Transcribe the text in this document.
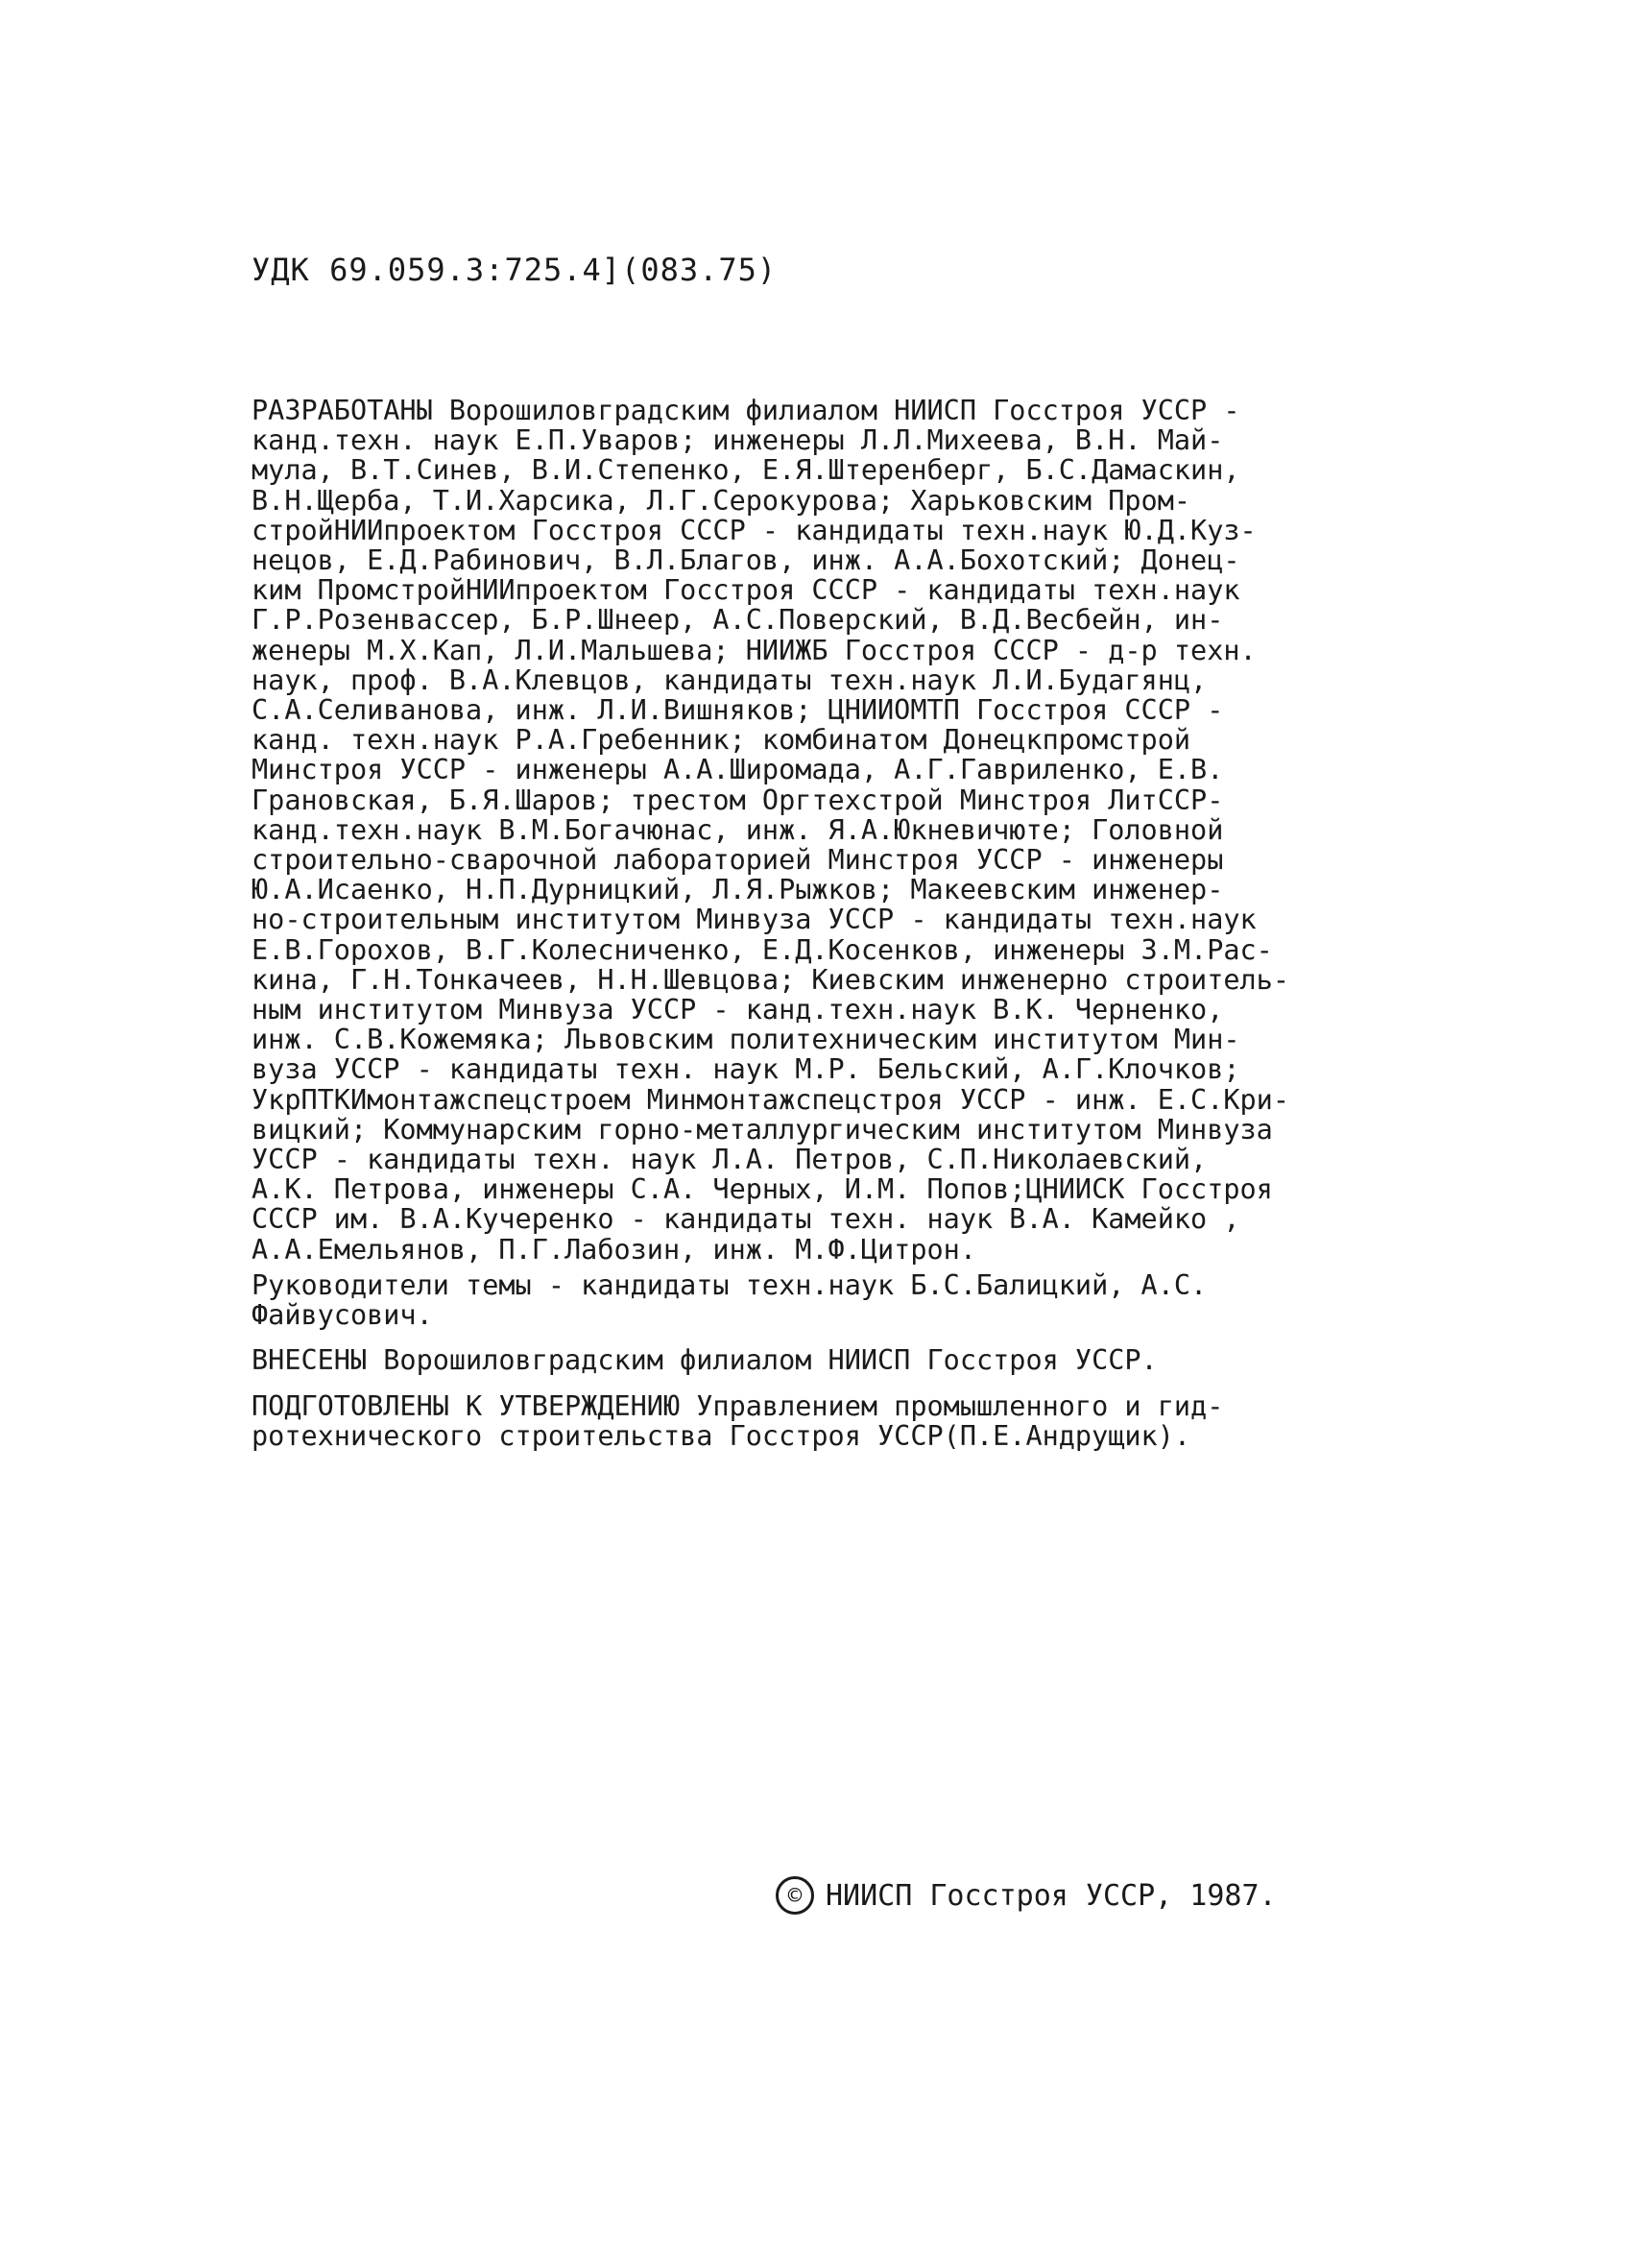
УДК 69.059.3:725.4](083.75)
РАЗРАБОТАНЫ Ворошиловградским филиалом НИИСП Госстроя УССР -
канд.техн. наук Е.П.Уваров; инженеры Л.Л.Михеева, В.Н. Май-
мула, В.Т.Синев, В.И.Степенко, Е.Я.Штеренберг, Б.С.Дамаскин,
В.Н.Щерба, Т.И.Харсика, Л.Г.Серокурова; Харьковским Пром-
стройНИИпроектом Госстроя СССР - кандидаты техн.наук Ю.Д.Куз-
нецов, Е.Д.Рабинович, В.Л.Благов, инж. А.А.Бохотский; Донец-
ким ПромстройНИИпроектом Госстроя СССР - кандидаты техн.наук
Г.Р.Розенвассер, Б.Р.Шнеер, А.С.Поверский, В.Д.Весбейн, ин-
женеры М.Х.Кап, Л.И.Мальшева; НИИЖБ Госстроя СССР - д-р техн.
наук, проф. В.А.Клевцов, кандидаты техн.наук Л.И.Будагянц,
С.А.Селиванова, инж. Л.И.Вишняков; ЦНИИОМТП Госстроя СССР -
канд. техн.наук Р.А.Гребенник; комбинатом Донецкпромстрой
Минстроя УССР - инженеры А.А.Широмада, А.Г.Гавриленко, Е.В.
Грановская, Б.Я.Шаров; трестом Оргтехстрой Минстроя ЛитССР-
канд.техн.наук В.М.Богачюнас, инж. Я.А.Юкневичюте; Головной
строительно-сварочной лабораторией Минстроя УССР - инженеры
Ю.А.Исаенко, Н.П.Дурницкий, Л.Я.Рыжков; Макеевским инженер-
но-строительным институтом Минвуза УССР - кандидаты техн.наук
Е.В.Горохов, В.Г.Колесниченко, Е.Д.Косенков, инженеры З.М.Рас-
кина, Г.Н.Тонкачеев, Н.Н.Шевцова; Киевским инженерно строитель-
ным институтом Минвуза УССР - канд.техн.наук В.К. Черненко,
инж. С.В.Кожемяка; Львовским политехническим институтом Мин-
вуза УССР - кандидаты техн. наук М.Р. Бельский, А.Г.Клочков;
УкрПТКИмонтажспецстроем Минмонтажспецстроя УССР - инж. Е.С.Кри-
вицкий; Коммунарским горно-металлургическим институтом Минвуза
УССР - кандидаты техн. наук Л.А. Петров, С.П.Николаевский,
А.К. Петрова, инженеры С.А. Черных, И.М. Попов;ЦНИИСК Госстроя
СССР им. В.А.Кучеренко - кандидаты техн. наук В.А. Камейко ,
А.А.Емельянов, П.Г.Лабозин, инж. М.Ф.Цитрон.
Руководители темы - кандидаты техн.наук Б.С.Балицкий, А.С.
Файвусович.
ВНЕСЕНЫ Ворошиловградским филиалом НИИСП Госстроя УССР.
ПОДГОТОВЛЕНЫ К УТВЕРЖДЕНИЮ Управлением промышленного и гид-
ротехнического строительства Госстроя УССР(П.Е.Андрущик).
© НИИСП Госстроя УССР, 1987.
